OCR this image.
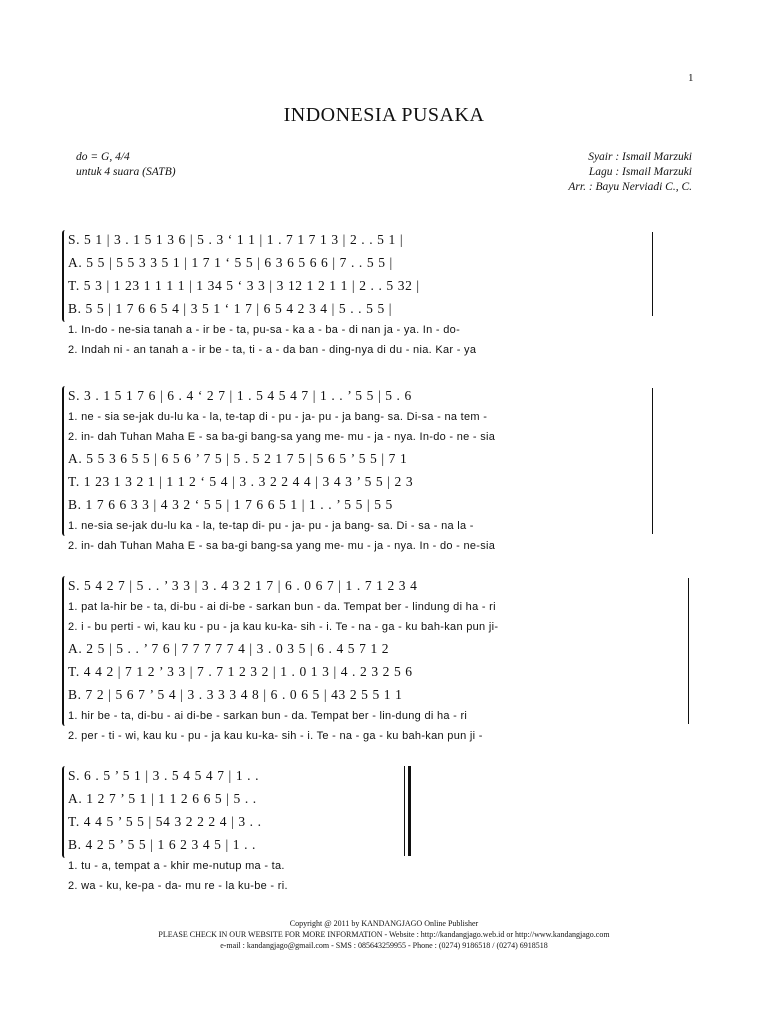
1
INDONESIA PUSAKA
do = G, 4/4
untuk 4 suara (SATB)
Syair : Ismail Marzuki
Lagu : Ismail Marzuki
Arr. : Bayu Nerviadi C., C.
S. 5 1 | 3 . 1 5 1 3 6 | 5 . 3 ‘ 1 1 | 1 . 7 1 7 1 3 | 2 . . 5 1 |
A. 5 5 | 5 5 3 3 5 1 | 1 7 1 ‘ 5 5 | 6 3 6 5 6 6 | 7 . . 5 5 |
T. 5 3 | 1 23 1 1 1 1 | 1 34 5 ‘ 3 3 | 3 12 1 2 1 1 | 2 . . 5 32 |
B. 5 5 | 1 7 6 6 5 4 | 3 5 1 ‘ 1 7 | 6 5 4 2 3 4 | 5 . . 5 5 |
1. In-do - ne-sia tanah a - ir be - ta, pu-sa - ka a - ba - di nan ja - ya. In - do-
2. Indah ni - an tanah a - ir be - ta, ti - a - da ban - ding-nya di du - nia. Kar - ya
S. 3 . 1 5 1 7 6 | 6 . 4 ‘ 2 7 | 1 . 5 4 5 4 7 | 1 . . ’ 5 5 | 5 . 6
1. ne - sia se-jak du-lu ka - la, te-tap di - pu - ja- pu - ja bang- sa. Di-sa - na tem -
2. in- dah Tuhan Maha E - sa ba-gi bang-sa yang me- mu - ja - nya. In-do - ne - sia
A. 5 5 3 6 5 5 | 6 5 6 ’ 7 5 | 5 . 5 2 1 7 5 | 5 6 5 ’ 5 5 | 7 1
T. 1 23 1 3 2 1 | 1 1 2 ‘ 5 4 | 3 . 3 2 2 4 4 | 3 4 3 ’ 5 5 | 2 3
B. 1 7 6 6 3 3 | 4 3 2 ‘ 5 5 | 1 7 6 6 5 1 | 1 . . ’ 5 5 | 5 5
1. ne-sia se-jak du-lu ka - la, te-tap di- pu - ja- pu - ja bang- sa. Di - sa - na la -
2. in- dah Tuhan Maha E - sa ba-gi bang-sa yang me- mu - ja - nya. In - do - ne-sia
S. 5 4 2 7 | 5 . . ’ 3 3 | 3 . 4 3 2 1 7 | 6 . 0 6 7 | 1 . 7 1 2 3 4
1. pat la-hir be - ta, di-bu - ai di-be - sarkan bun - da. Tempat ber - lindung di ha - ri
2. i - bu perti - wi, kau ku - pu - ja kau ku-ka- sih - i. Te - na - ga - ku bah-kan pun ji-
A. 2 5 | 5 . . ’ 7 6 | 7 7 7 7 7 4 | 3 . 0 3 5 | 6 . 4 5 7 1 2
T. 4 4 2 | 7 1 2 ’ 3 3 | 7 . 7 1 2 3 2 | 1 . 0 1 3 | 4 . 2 3 2 5 6
B. 7 2 | 5 6 7 ’ 5 4 | 3 . 3 3 3 4 8 | 6 . 0 6 5 | 43 2 5 5 1 1
1. hir be - ta, di-bu - ai di-be - sarkan bun - da. Tempat ber - lin-dung di ha - ri
2. per - ti - wi, kau ku - pu - ja kau ku-ka- sih - i. Te - na - ga - ku bah-kan pun ji -
S. 6 . 5 ’ 5 1 | 3 . 5 4 5 4 7 | 1 . .
A. 1 2 7 ’ 5 1 | 1 1 2 6 6 5 | 5 . .
T. 4 4 5 ’ 5 5 | 54 3 2 2 2 4 | 3 . .
B. 4 2 5 ’ 5 5 | 1 6 2 3 4 5 | 1 . .
1. tu - a, tempat a - khir me-nutup ma - ta.
2. wa - ku, ke-pa - da- mu re - la ku-be - ri.
Copyright @ 2011 by KANDANGJAGO Online Publisher
PLEASE CHECK IN OUR WEBSITE FOR MORE INFORMATION - Website : http://kandangjago.web.id or http://www.kandangjago.com
e-mail : kandangjago@gmail.com - SMS : 085643259955 - Phone : (0274) 9186518 / (0274) 6918518
